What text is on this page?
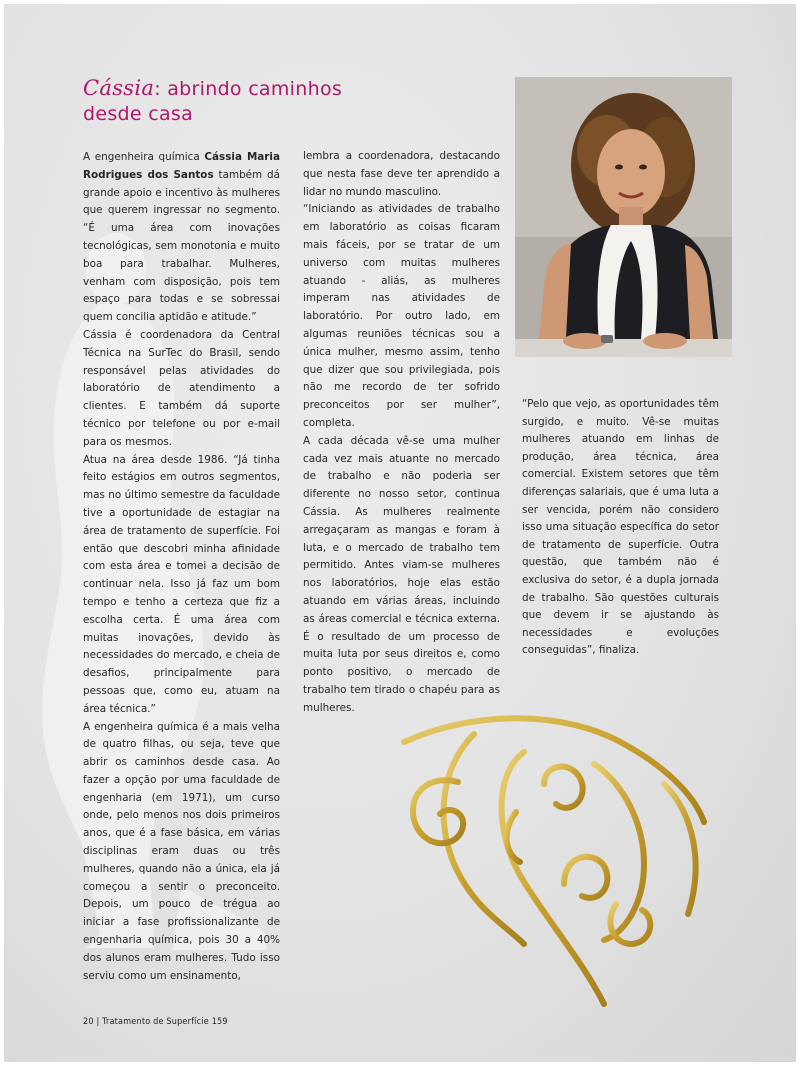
Cássia: abrindo caminhos desde casa

A engenheira química Cássia Maria Rodrigues dos Santos também dá grande apoio e incentivo às mulheres que querem ingressar no segmento. “É uma área com inovações tecnológicas, sem monotonia e muito boa para trabalhar. Mulheres, venham com disposição, pois tem espaço para todas e se sobressai quem concilia aptidão e atitude.”

Cássia é coordenadora da Central Técnica na SurTec do Brasil, sendo responsável pelas atividades do laboratório de atendimento a clientes. E também dá suporte técnico por telefone ou por e-mail para os mesmos.

Atua na área desde 1986. “Já tinha feito estágios em outros segmentos, mas no último semestre da faculdade tive a oportunidade de estagiar na área de tratamento de superfície. Foi então que descobri minha afinidade com esta área e tomei a decisão de continuar nela. Isso já faz um bom tempo e tenho a certeza que fiz a escolha certa. É uma área com muitas inovações, devido às necessidades do mercado, e cheia de desafios, principalmente para pessoas que, como eu, atuam na área técnica.”

A engenheira química é a mais velha de quatro filhas, ou seja, teve que abrir os caminhos desde casa. Ao fazer a opção por uma faculdade de engenharia (em 1971), um curso onde, pelo menos nos dois primeiros anos, que é a fase básica, em várias disciplinas eram duas ou três mulheres, quando não a única, ela já começou a sentir o preconceito. Depois, um pouco de trégua ao iniciar a fase profissionalizante de engenharia química, pois 30 a 40% dos alunos eram mulheres. Tudo isso serviu como um ensinamento,

lembra a coordenadora, destacando que nesta fase deve ter aprendido a lidar no mundo masculino.

“Iniciando as atividades de trabalho em laboratório as coisas ficaram mais fáceis, por se tratar de um universo com muitas mulheres atuando - aliás, as mulheres imperam nas atividades de laboratório. Por outro lado, em algumas reuniões técnicas sou a única mulher, mesmo assim, tenho que dizer que sou privilegiada, pois não me recordo de ter sofrido preconceitos por ser mulher”, completa.

A cada década vê-se uma mulher cada vez mais atuante no mercado de trabalho e não poderia ser diferente no nosso setor, continua Cássia. As mulheres realmente arregaçaram as mangas e foram à luta, e o mercado de trabalho tem permitido. Antes viam-se mulheres nos laboratórios, hoje elas estão atuando em várias áreas, incluindo as áreas comercial e técnica externa. É o resultado de um processo de muita luta por seus direitos e, como ponto positivo, o mercado de trabalho tem tirado o chapéu para as mulheres.

“Pelo que vejo, as oportunidades têm surgido, e muito. Vê-se muitas mulheres atuando em linhas de produção, área técnica, área comercial. Existem setores que têm diferenças salariais, que é uma luta a ser vencida, porém não considero isso uma situação específica do setor de tratamento de superfície. Outra questão, que também não é exclusiva do setor, é a dupla jornada de trabalho. São questões culturais que devem ir se ajustando às necessidades e evoluções conseguidas”, finaliza.

20 | Tratamento de Superfície 159
